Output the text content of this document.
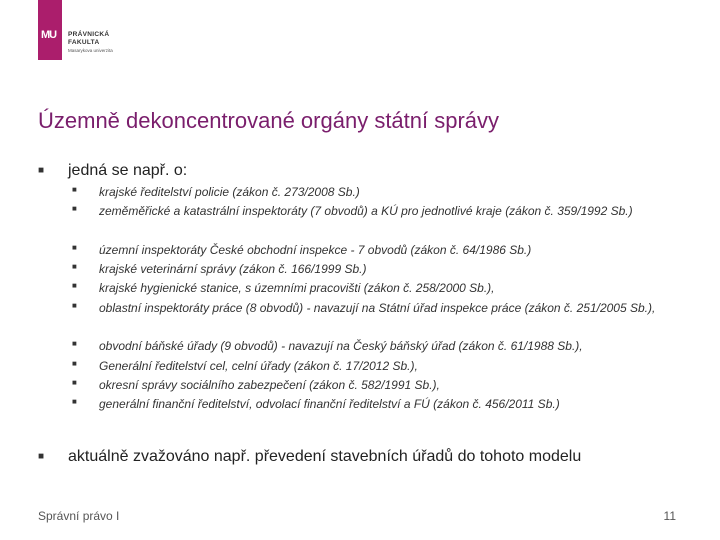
MU PRÁVNICKÁ
FAKULTA
Masarykova univerzita
Územně dekoncentrované orgány státní správy
■ jedná se např. o:
■ krajské ředitelství policie (zákon č. 273/2008 Sb.)
■ zeměměřické a katastrální inspektoráty (7 obvodů) a KÚ pro jednotlivé kraje (zákon č. 359/1992 Sb.)
■ územní inspektoráty České obchodní inspekce - 7 obvodů (zákon č. 64/1986 Sb.)
■ krajské veterinární správy (zákon č. 166/1999 Sb.)
■ krajské hygienické stanice, s územními pracovišti (zákon č. 258/2000 Sb.),
■ oblastní inspektoráty práce (8 obvodů) - navazují na Státní úřad inspekce práce (zákon č. 251/2005 Sb.),
■ obvodní báňské úřady (9 obvodů) - navazují na Český báňský úřad (zákon č. 61/1988 Sb.),
■ Generální ředitelství cel, celní úřady (zákon č. 17/2012 Sb.),
■ okresní správy sociálního zabezpečení (zákon č. 582/1991 Sb.),
■ generální finanční ředitelství, odvolací finanční ředitelství a FÚ (zákon č. 456/2011 Sb.)
■ aktuálně zvažováno např. převedení stavebních úřadů do tohoto modelu
Správní právo I	11
